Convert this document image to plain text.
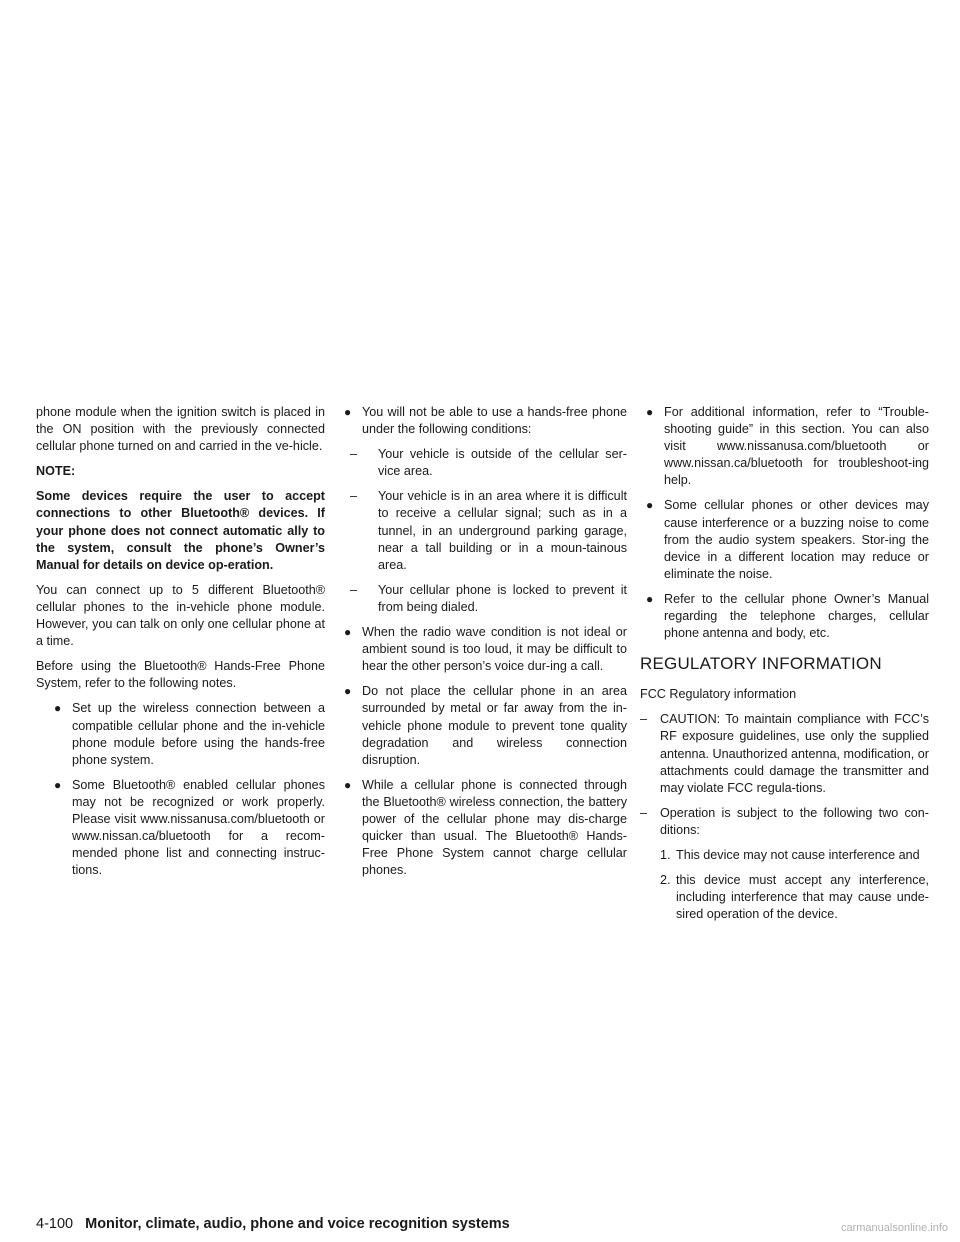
phone module when the ignition switch is placed in the ON position with the previously connected cellular phone turned on and carried in the ve-hicle.

NOTE:

Some devices require the user to accept connections to other Bluetooth® devices. If your phone does not connect automatic ally to the system, consult the phone’s Owner’s Manual for details on device op-eration.

You can connect up to 5 different Bluetooth® cellular phones to the in-vehicle phone module. However, you can talk on only one cellular phone at a time.

Before using the Bluetooth® Hands-Free Phone System, refer to the following notes.

● Set up the wireless connection between a compatible cellular phone and the in-vehicle phone module before using the hands-free phone system.
● Some Bluetooth® enabled cellular phones may not be recognized or work properly. Please visit www.nissanusa.com/bluetooth or www.nissan.ca/bluetooth for a recom-mended phone list and connecting instruc-tions.
● You will not be able to use a hands-free phone under the following conditions:
– Your vehicle is outside of the cellular ser-vice area.
– Your vehicle is in an area where it is difficult to receive a cellular signal; such as in a tunnel, in an underground parking garage, near a tall building or in a moun-tainous area.
– Your cellular phone is locked to prevent it from being dialed.
● When the radio wave condition is not ideal or ambient sound is too loud, it may be difficult to hear the other person’s voice dur-ing a call.
● Do not place the cellular phone in an area surrounded by metal or far away from the in-vehicle phone module to prevent tone quality degradation and wireless connection disruption.
● While a cellular phone is connected through the Bluetooth® wireless connection, the battery power of the cellular phone may dis-charge quicker than usual. The Bluetooth® Hands-Free Phone System cannot charge cellular phones.
● For additional information, refer to “Trouble-shooting guide” in this section. You can also visit www.nissanusa.com/bluetooth or www.nissan.ca/bluetooth for troubleshoot-ing help.
● Some cellular phones or other devices may cause interference or a buzzing noise to come from the audio system speakers. Stor-ing the device in a different location may reduce or eliminate the noise.
● Refer to the cellular phone Owner’s Manual regarding the telephone charges, cellular phone antenna and body, etc.
REGULATORY INFORMATION

FCC Regulatory information

– CAUTION: To maintain compliance with FCC’s RF exposure guidelines, use only the supplied antenna. Unauthorized antenna, modification, or attachments could damage the transmitter and may violate FCC regula-tions.
– Operation is subject to the following two con-ditions:
1. This device may not cause interference and
2. this device must accept any interference, including interference that may cause unde-sired operation of the device.
4-100 Monitor, climate, audio, phone and voice recognition systems	carmanualsonline.info
